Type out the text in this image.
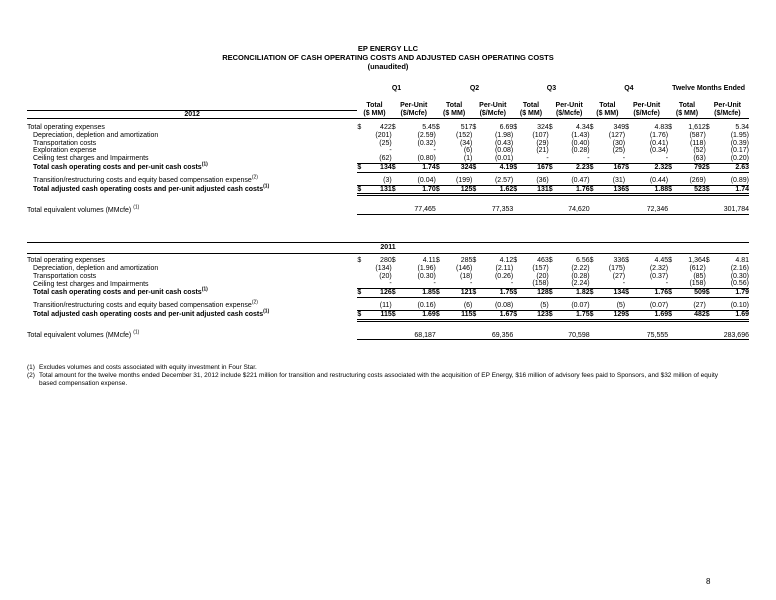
EP ENERGY LLC
RECONCILIATION OF CASH OPERATING COSTS AND ADJUSTED CASH OPERATING COSTS
(unaudited)
	Q1	Q2	Q3	Q4	Twelve Months Ended
	Total	Per-Unit	Total	Per-Unit	Total	Per-Unit	Total	Per-Unit	Total	Per-Unit
2012	($ MM)	($/Mcfe)	($ MM)	($/Mcfe)	($ MM)	($/Mcfe)	($ MM)	($/Mcfe)	($ MM)	($/Mcfe)
Total operating expenses	$	422	$	5.45	$	517	$	6.69	$	324	$	4.34	$	349	$	4.83	$	1,612	$	5.34
Depreciation, depletion and amortization		(201)		(2.59)		(152)		(1.98)		(107)		(1.43)		(127)		(1.76)		(587)		(1.95)
Transportation costs		(25)		(0.32)		(34)		(0.43)		(29)		(0.40)		(30)		(0.41)		(118)		(0.39)
Exploration expense		-		-		(6)		(0.08)		(21)		(0.28)		(25)		(0.34)		(52)		(0.17)
Ceiling test charges and Impairments		(62)		(0.80)		(1)		(0.01)		-		-		-		-		(63)		(0.20)
Total cash operating costs and per-unit cash costs$^{(1)}$	$	134	$	1.74	$	324	$	4.19	$	167	$	2.23	$	167	$	2.32	$	792	$	2.63

Transition/restructuring costs and equity based compensation expense$^{(2)}$		(3)		(0.04)		(199)		(2.57)		(36)		(0.47)		(31)		(0.44)		(269)		(0.89)
Total adjusted cash operating costs and per-unit adjusted cash costs$^{(1)}$	$	131	$	1.70	$	125	$	1.62	$	131	$	1.76	$	136	$	1.88	$	523	$	1.74

Total equivalent volumes (MMcfe) $^{(1)}$	77,465				77,353				74,620				72,346				301,784			
2011
Total operating expenses	$	280	$	4.11	$	285	$	4.12	$	463	$	6.56	$	336	$	4.45	$	1,364	$	4.81
Depreciation, depletion and amortization		(134)		(1.96)		(146)		(2.11)		(157)		(2.22)		(175)		(2.32)		(612)		(2.16)
Transportation costs		(20)		(0.30)		(18)		(0.26)		(20)		(0.28)		(27)		(0.37)		(85)		(0.30)
Ceiling test charges and Impairments		-		-		-		-		(158)		(2.24)		-		-		(158)		(0.56)
Total cash operating costs and per-unit cash costs$^{(1)}$	$	126	$	1.85	$	121	$	1.75	$	128	$	1.82	$	134	$	1.76	$	509	$	1.79

Transition/restructuring costs and equity based compensation expense$^{(2)}$		(11)		(0.16)		(6)		(0.08)		(5)		(0.07)		(5)		(0.07)		(27)		(0.10)
Total adjusted cash operating costs and per-unit adjusted cash costs$^{(1)}$	$	115	$	1.69	$	115	$	1.67	$	123	$	1.75	$	129	$	1.69	$	482	$	1.69

Total equivalent volumes (MMcfe) $^{(1)}$	68,187				69,356				70,598				75,555				283,696			
(1) Excludes volumes and costs associated with equity investment in Four Star.
(2) Total amount for the twelve months ended December 31, 2012 include $221 million for transition and restructuring costs associated with the acquisition of EP Energy, $16 million of advisory fees paid to Sponsors, and $32 million of equity based compensation expense.
8
